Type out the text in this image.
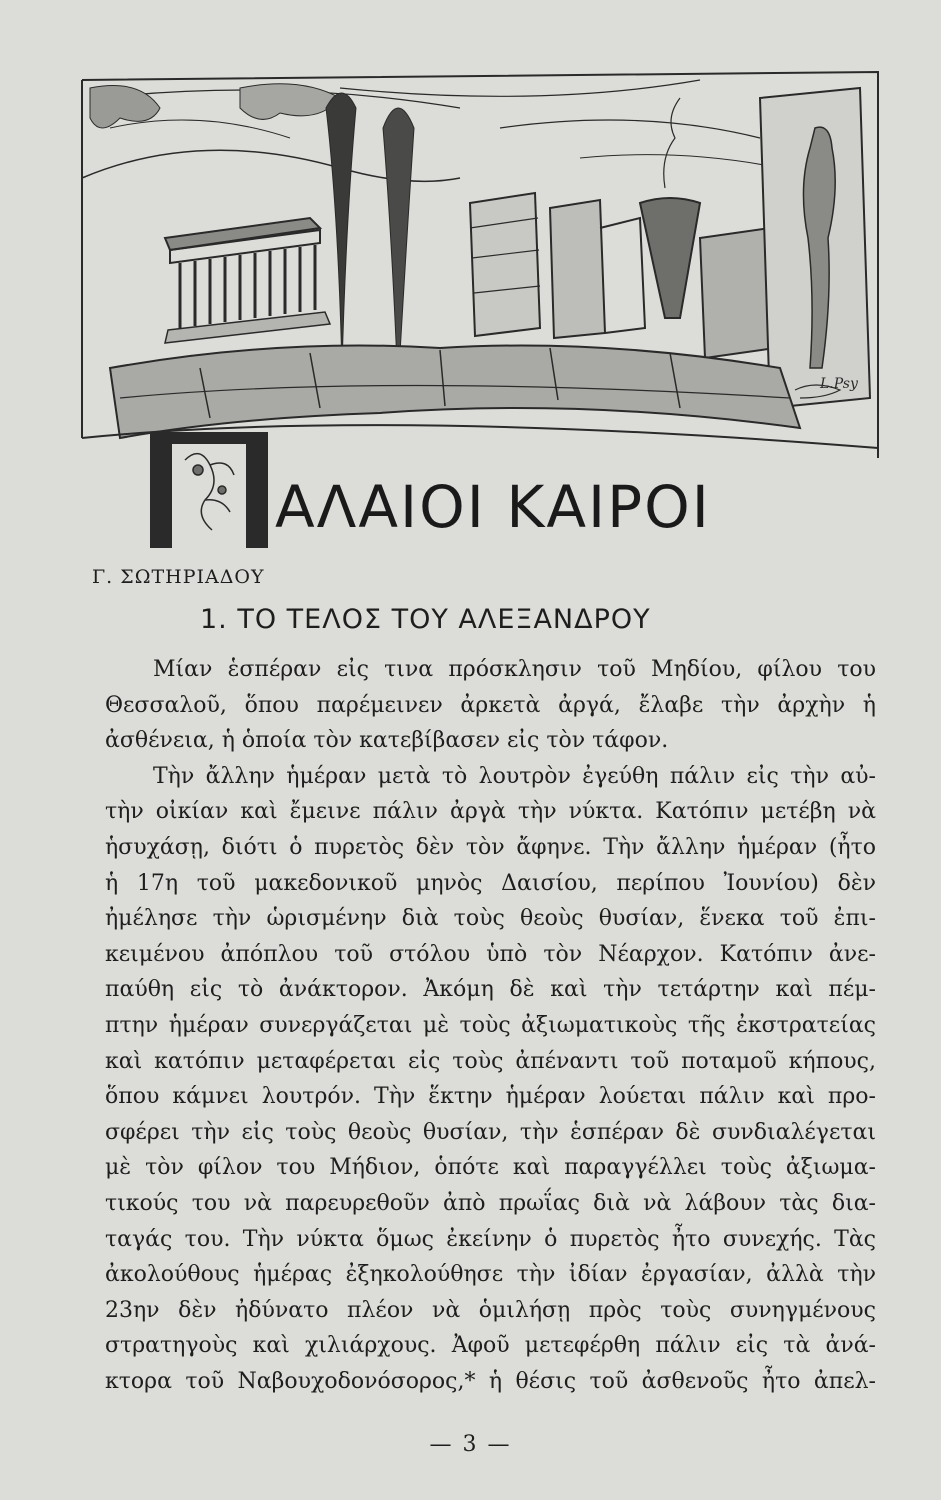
L.Psy
ΑΛΑΙΟΙ ΚΑΙΡΟΙ
Γ. ΣΩΤΗΡΙΑΔΟΥ
1. ΤΟ ΤΕΛΟΣ ΤΟΥ ΑΛΕΞΑΝΔΡΟΥ
Μίαν ἑσπέραν εἰς τινα πρόσκλησιν τοῦ Μηδίου, φίλου του
Θεσσαλοῦ, ὅπου παρέμεινεν ἀρκετὰ ἀργά, ἔλαβε τὴν ἀρχὴν ἡ
ἀσθένεια, ἡ ὁποία τὸν κατεβίβασεν εἰς τὸν τάφον.
Τὴν ἄλλην ἡμέραν μετὰ τὸ λουτρὸν ἐγεύθη πάλιν εἰς τὴν αὐ-
τὴν οἰκίαν καὶ ἔμεινε πάλιν ἀργὰ τὴν νύκτα. Κατόπιν μετέβη νὰ
ἡσυχάσῃ, διότι ὁ πυρετὸς δὲν τὸν ἄφηνε. Τὴν ἄλλην ἡμέραν (ἦτο
ἡ 17η τοῦ μακεδονικοῦ μηνὸς Δαισίου, περίπου Ἰουνίου) δὲν
ἠμέλησε τὴν ὡρισμένην διὰ τοὺς θεοὺς θυσίαν, ἕνεκα τοῦ ἐπι-
κειμένου ἀπόπλου τοῦ στόλου ὑπὸ τὸν Νέαρχον. Κατόπιν ἀνε-
παύθη εἰς τὸ ἀνάκτορον. Ἀκόμη δὲ καὶ τὴν τετάρτην καὶ πέμ-
πτην ἡμέραν συνεργάζεται μὲ τοὺς ἀξιωματικοὺς τῆς ἐκστρατείας
καὶ κατόπιν μεταφέρεται εἰς τοὺς ἀπέναντι τοῦ ποταμοῦ κήπους,
ὅπου κάμνει λουτρόν. Τὴν ἕκτην ἡμέραν λούεται πάλιν καὶ προ-
σφέρει τὴν εἰς τοὺς θεοὺς θυσίαν, τὴν ἑσπέραν δὲ συνδιαλέγεται
μὲ τὸν φίλον του Μήδιον, ὁπότε καὶ παραγγέλλει τοὺς ἀξιωμα-
τικούς του νὰ παρευρεθοῦν ἀπὸ πρωΐας διὰ νὰ λάβουν τὰς δια-
ταγάς του. Τὴν νύκτα ὅμως ἐκείνην ὁ πυρετὸς ἦτο συνεχής. Τὰς
ἀκολούθους ἡμέρας ἐξηκολούθησε τὴν ἰδίαν ἐργασίαν, ἀλλὰ τὴν
23ην δὲν ἠδύνατο πλέον νὰ ὁμιλήσῃ πρὸς τοὺς συνηγμένους
στρατηγοὺς καὶ χιλιάρχους. Ἀφοῦ μετεφέρθη πάλιν εἰς τὰ ἀνά-
κτορα τοῦ Ναβουχοδονόσορος,* ἡ θέσις τοῦ ἀσθενοῦς ἦτο ἀπελ-
— 3 —
